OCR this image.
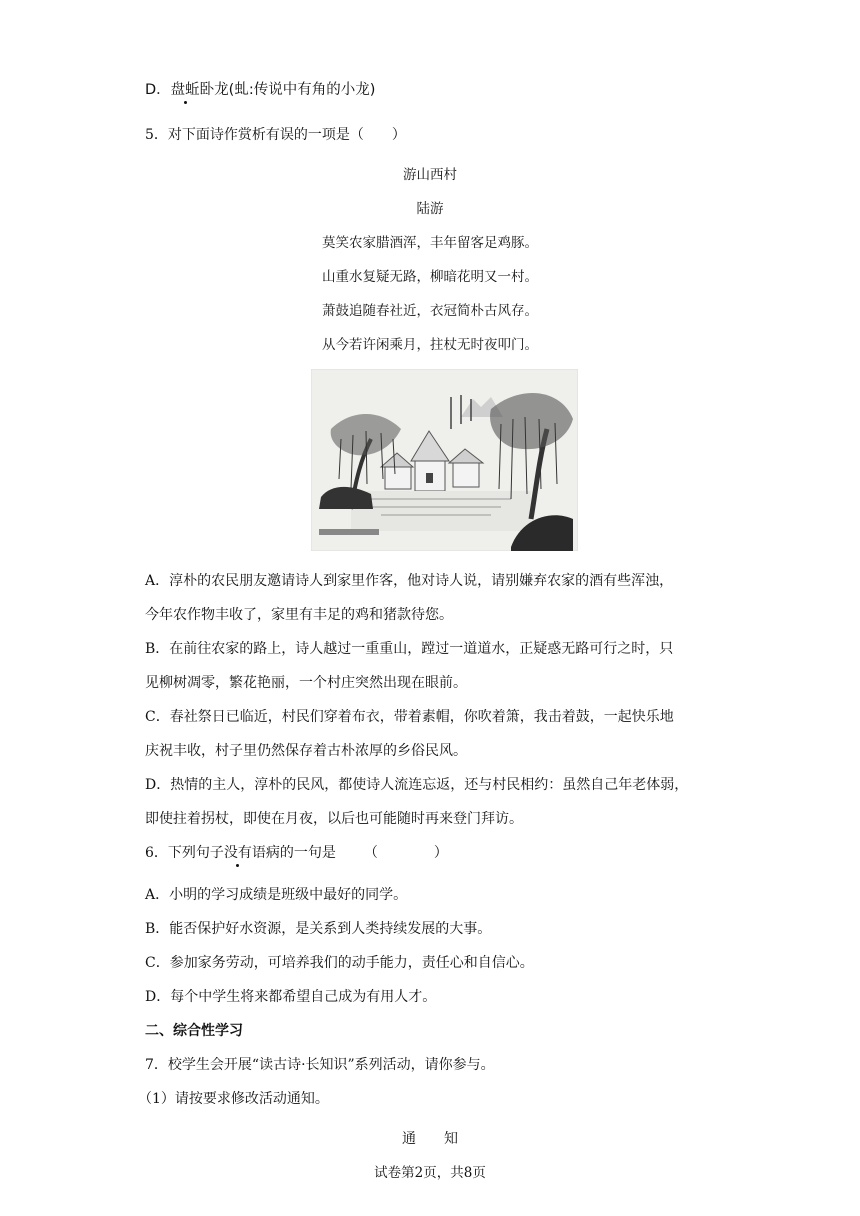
D．盘蚯卧龙(虬:传说中有角的小龙)
5．对下面诗作赏析有误的一项是（　　）
游山西村
陆游
莫笑农家腊酒浑，丰年留客足鸡豚。
山重水复疑无路，柳暗花明又一村。
萧鼓追随春社近，衣冠简朴古风存。
从今若许闲乘月，拄杖无时夜叩门。
A．淳朴的农民朋友邀请诗人到家里作客，他对诗人说，请别嫌弃农家的酒有些浑浊，
今年农作物丰收了，家里有丰足的鸡和猪款待您。
B．在前往农家的路上，诗人越过一重重山，蹚过一道道水，正疑惑无路可行之时，只
见柳树凋零，繁花艳丽，一个村庄突然出现在眼前。
C．春社祭日已临近，村民们穿着布衣，带着素帽，你吹着箫，我击着鼓，一起快乐地
庆祝丰收，村子里仍然保存着古朴浓厚的乡俗民风。
D．热情的主人，淳朴的民风，都使诗人流连忘返，还与村民相约：虽然自己年老体弱，
即使拄着拐杖，即使在月夜，以后也可能随时再来登门拜访。
6．下列句子没有语病的一句是 （　　　　）
A．小明的学习成绩是班级中最好的同学。
B．能否保护好水资源，是关系到人类持续发展的大事。
C．参加家务劳动，可培养我们的动手能力，责任心和自信心。
D．每个中学生将来都希望自己成为有用人才。
二、综合性学习
7．校学生会开展“读古诗·长知识”系列活动，请你参与。
（1）请按要求修改活动通知。
通　　知
试卷第2页，共8页
